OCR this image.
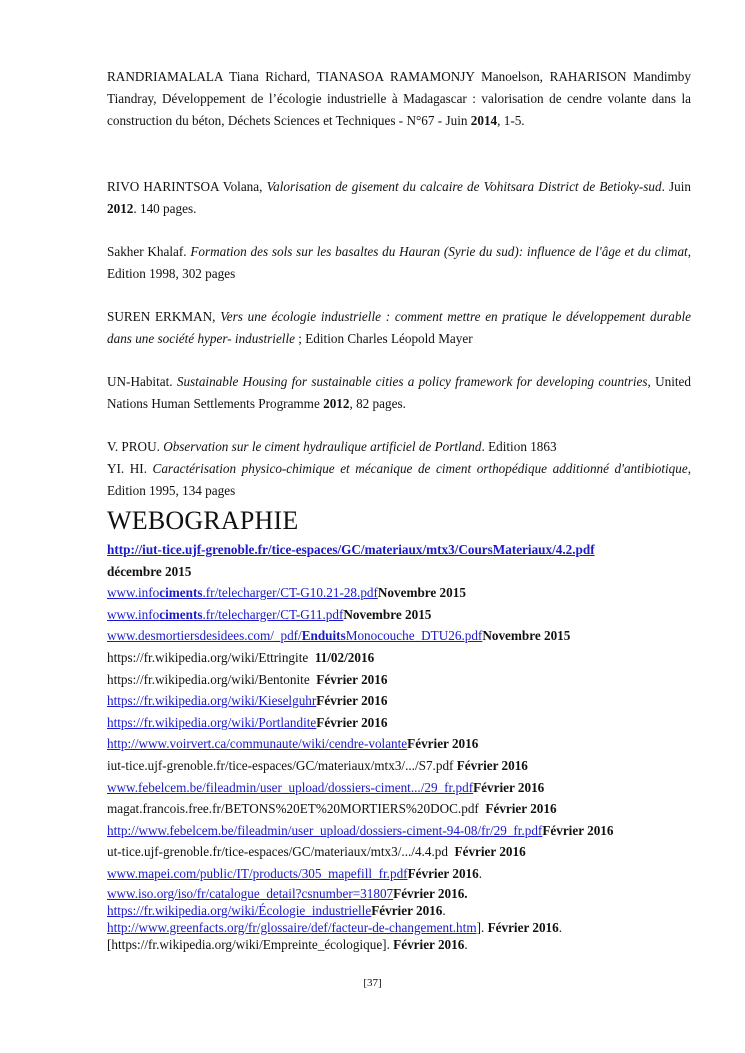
RANDRIAMALALA Tiana Richard, TIANASOA RAMAMONJY Manoelson, RAHARISON Mandimby Tiandray, Développement de l’écologie industrielle à Madagascar : valorisation de cendre volante dans la construction du béton, Déchets Sciences et Techniques - N°67 - Juin 2014, 1-5.

RIVO HARINTSOA Volana, Valorisation de gisement du calcaire de Vohitsara District de Betioky-sud. Juin 2012. 140 pages.

Sakher Khalaf. Formation des sols sur les basaltes du Hauran (Syrie du sud): influence de l'âge et du climat, Edition 1998, 302 pages

SUREN ERKMAN, Vers une écologie industrielle : comment mettre en pratique le développement durable dans une société hyper- industrielle ; Edition Charles Léopold Mayer

UN-Habitat. Sustainable Housing for sustainable cities a policy framework for developing countries, United Nations Human Settlements Programme 2012, 82 pages.

V. PROU. Observation sur le ciment hydraulique artificiel de Portland. Edition 1863

YI. HI. Caractérisation physico-chimique et mécanique de ciment orthopédique additionné d'antibiotique, Edition 1995, 134 pages

WEBOGRAPHIE

http://iut-tice.ujf-grenoble.fr/tice-espaces/GC/materiaux/mtx3/CoursMateriaux/4.2.pdf

décembre 2015

www.infociments.fr/telecharger/CT-G10.21-28.pdfNovembre 2015

www.infociments.fr/telecharger/CT-G11.pdfNovembre 2015

www.desmortiersdesidees.com/_pdf/EnduitsMonocouche_DTU26.pdfNovembre 2015

https://fr.wikipedia.org/wiki/Ettringite 11/02/2016

https://fr.wikipedia.org/wiki/Bentonite Février 2016

https://fr.wikipedia.org/wiki/KieselguhrFévrier 2016

https://fr.wikipedia.org/wiki/PortlanditeFévrier 2016

http://www.voirvert.ca/communaute/wiki/cendre-volanteFévrier 2016

iut-tice.ujf-grenoble.fr/tice-espaces/GC/materiaux/mtx3/.../S7.pdf Février 2016

www.febelcem.be/fileadmin/user_upload/dossiers-ciment.../29_fr.pdfFévrier 2016

magat.francois.free.fr/BETONS%20ET%20MORTIERS%20DOC.pdf Février 2016

http://www.febelcem.be/fileadmin/user_upload/dossiers-ciment-94-08/fr/29_fr.pdfFévrier 2016

ut-tice.ujf-grenoble.fr/tice-espaces/GC/materiaux/mtx3/.../4.4.pd Février 2016

www.mapei.com/public/IT/products/305_mapefill_fr.pdfFévrier 2016.

www.iso.org/iso/fr/catalogue_detail?csnumber=31807Février 2016.

https://fr.wikipedia.org/wiki/Écologie_industrielleFévrier 2016.

http://www.greenfacts.org/fr/glossaire/def/facteur-de-changement.htm]. Février 2016.

[https://fr.wikipedia.org/wiki/Empreinte_écologique]. Février 2016.

[37]
